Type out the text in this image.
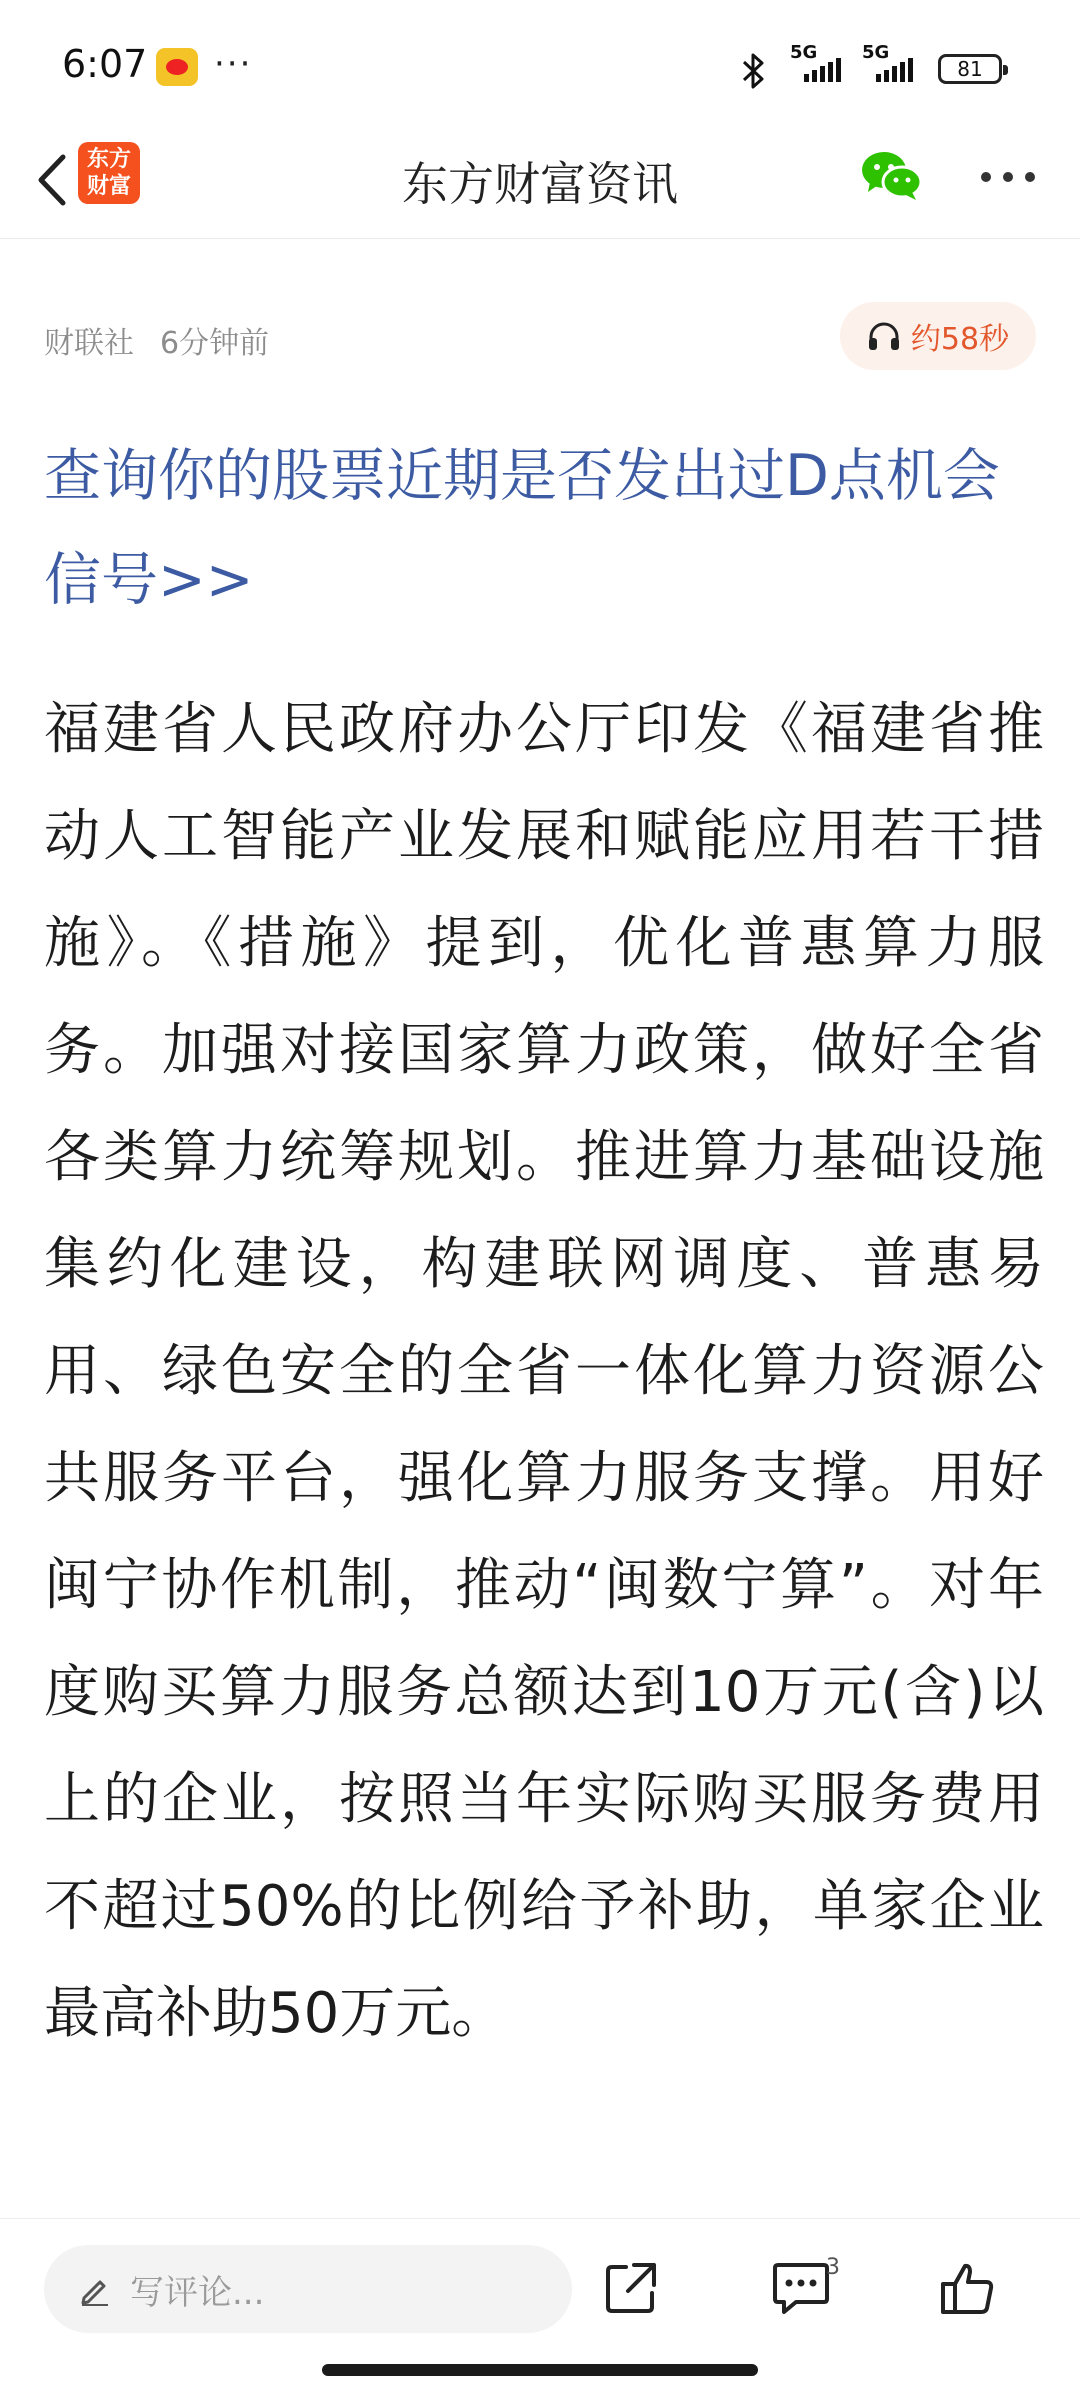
6:07 ···	5G 5G
81
东方财富	东方财富资讯
财联社 6分钟前	约58秒
查询你的股票近期是否发出过D点机会信号>>
福建省人民政府办公厅印发《福建省推动人工智能产业发展和赋能应用若干措施》。《措施》提到，优化普惠算力服务。加强对接国家算力政策，做好全省各类算力统筹规划。推进算力基础设施集约化建设，构建联网调度、普惠易用、绿色安全的全省一体化算力资源公共服务平台，强化算力服务支撑。用好闽宁协作机制，推动“闽数宁算”。对年度购买算力服务总额达到10万元(含)以上的企业，按照当年实际购买服务费用不超过50%的比例给予补助，单家企业最高补助50万元。
写评论...
3
